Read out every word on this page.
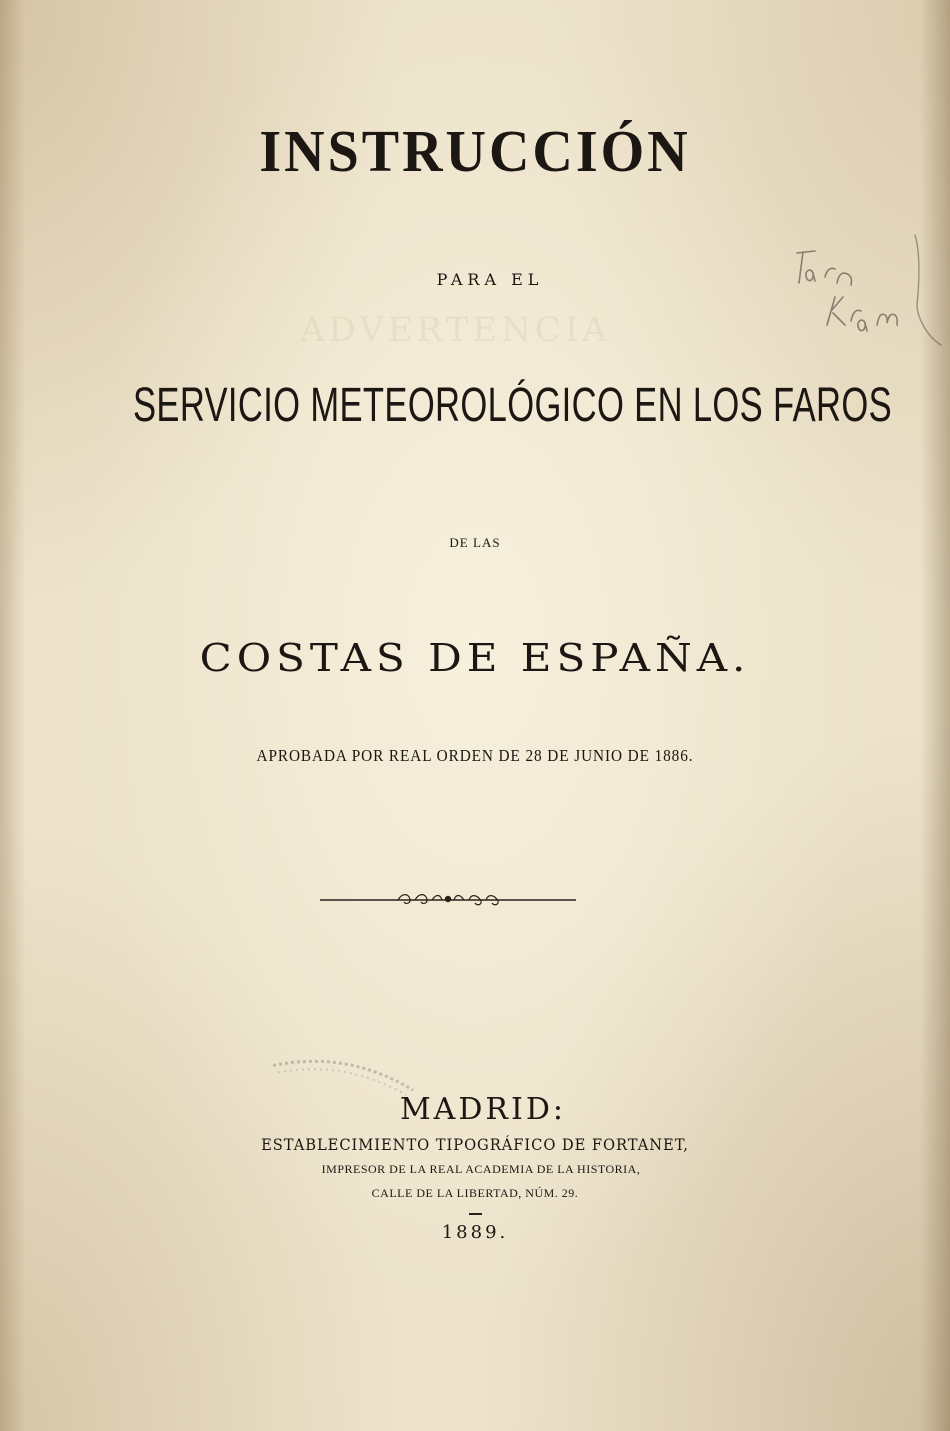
ADVERTENCIA
INSTRUCCIÓN
PARA EL
SERVICIO METEOROLÓGICO EN LOS FAROS
DE LAS
COSTAS DE ESPAÑA.
APROBADA POR REAL ORDEN DE 28 DE JUNIO DE 1886.
MADRID:
ESTABLECIMIENTO TIPOGRÁFICO DE FORTANET,
IMPRESOR DE LA REAL ACADEMIA DE LA HISTORIA,
CALLE DE LA LIBERTAD, NÚM. 29.
1889.
Fara Kram
